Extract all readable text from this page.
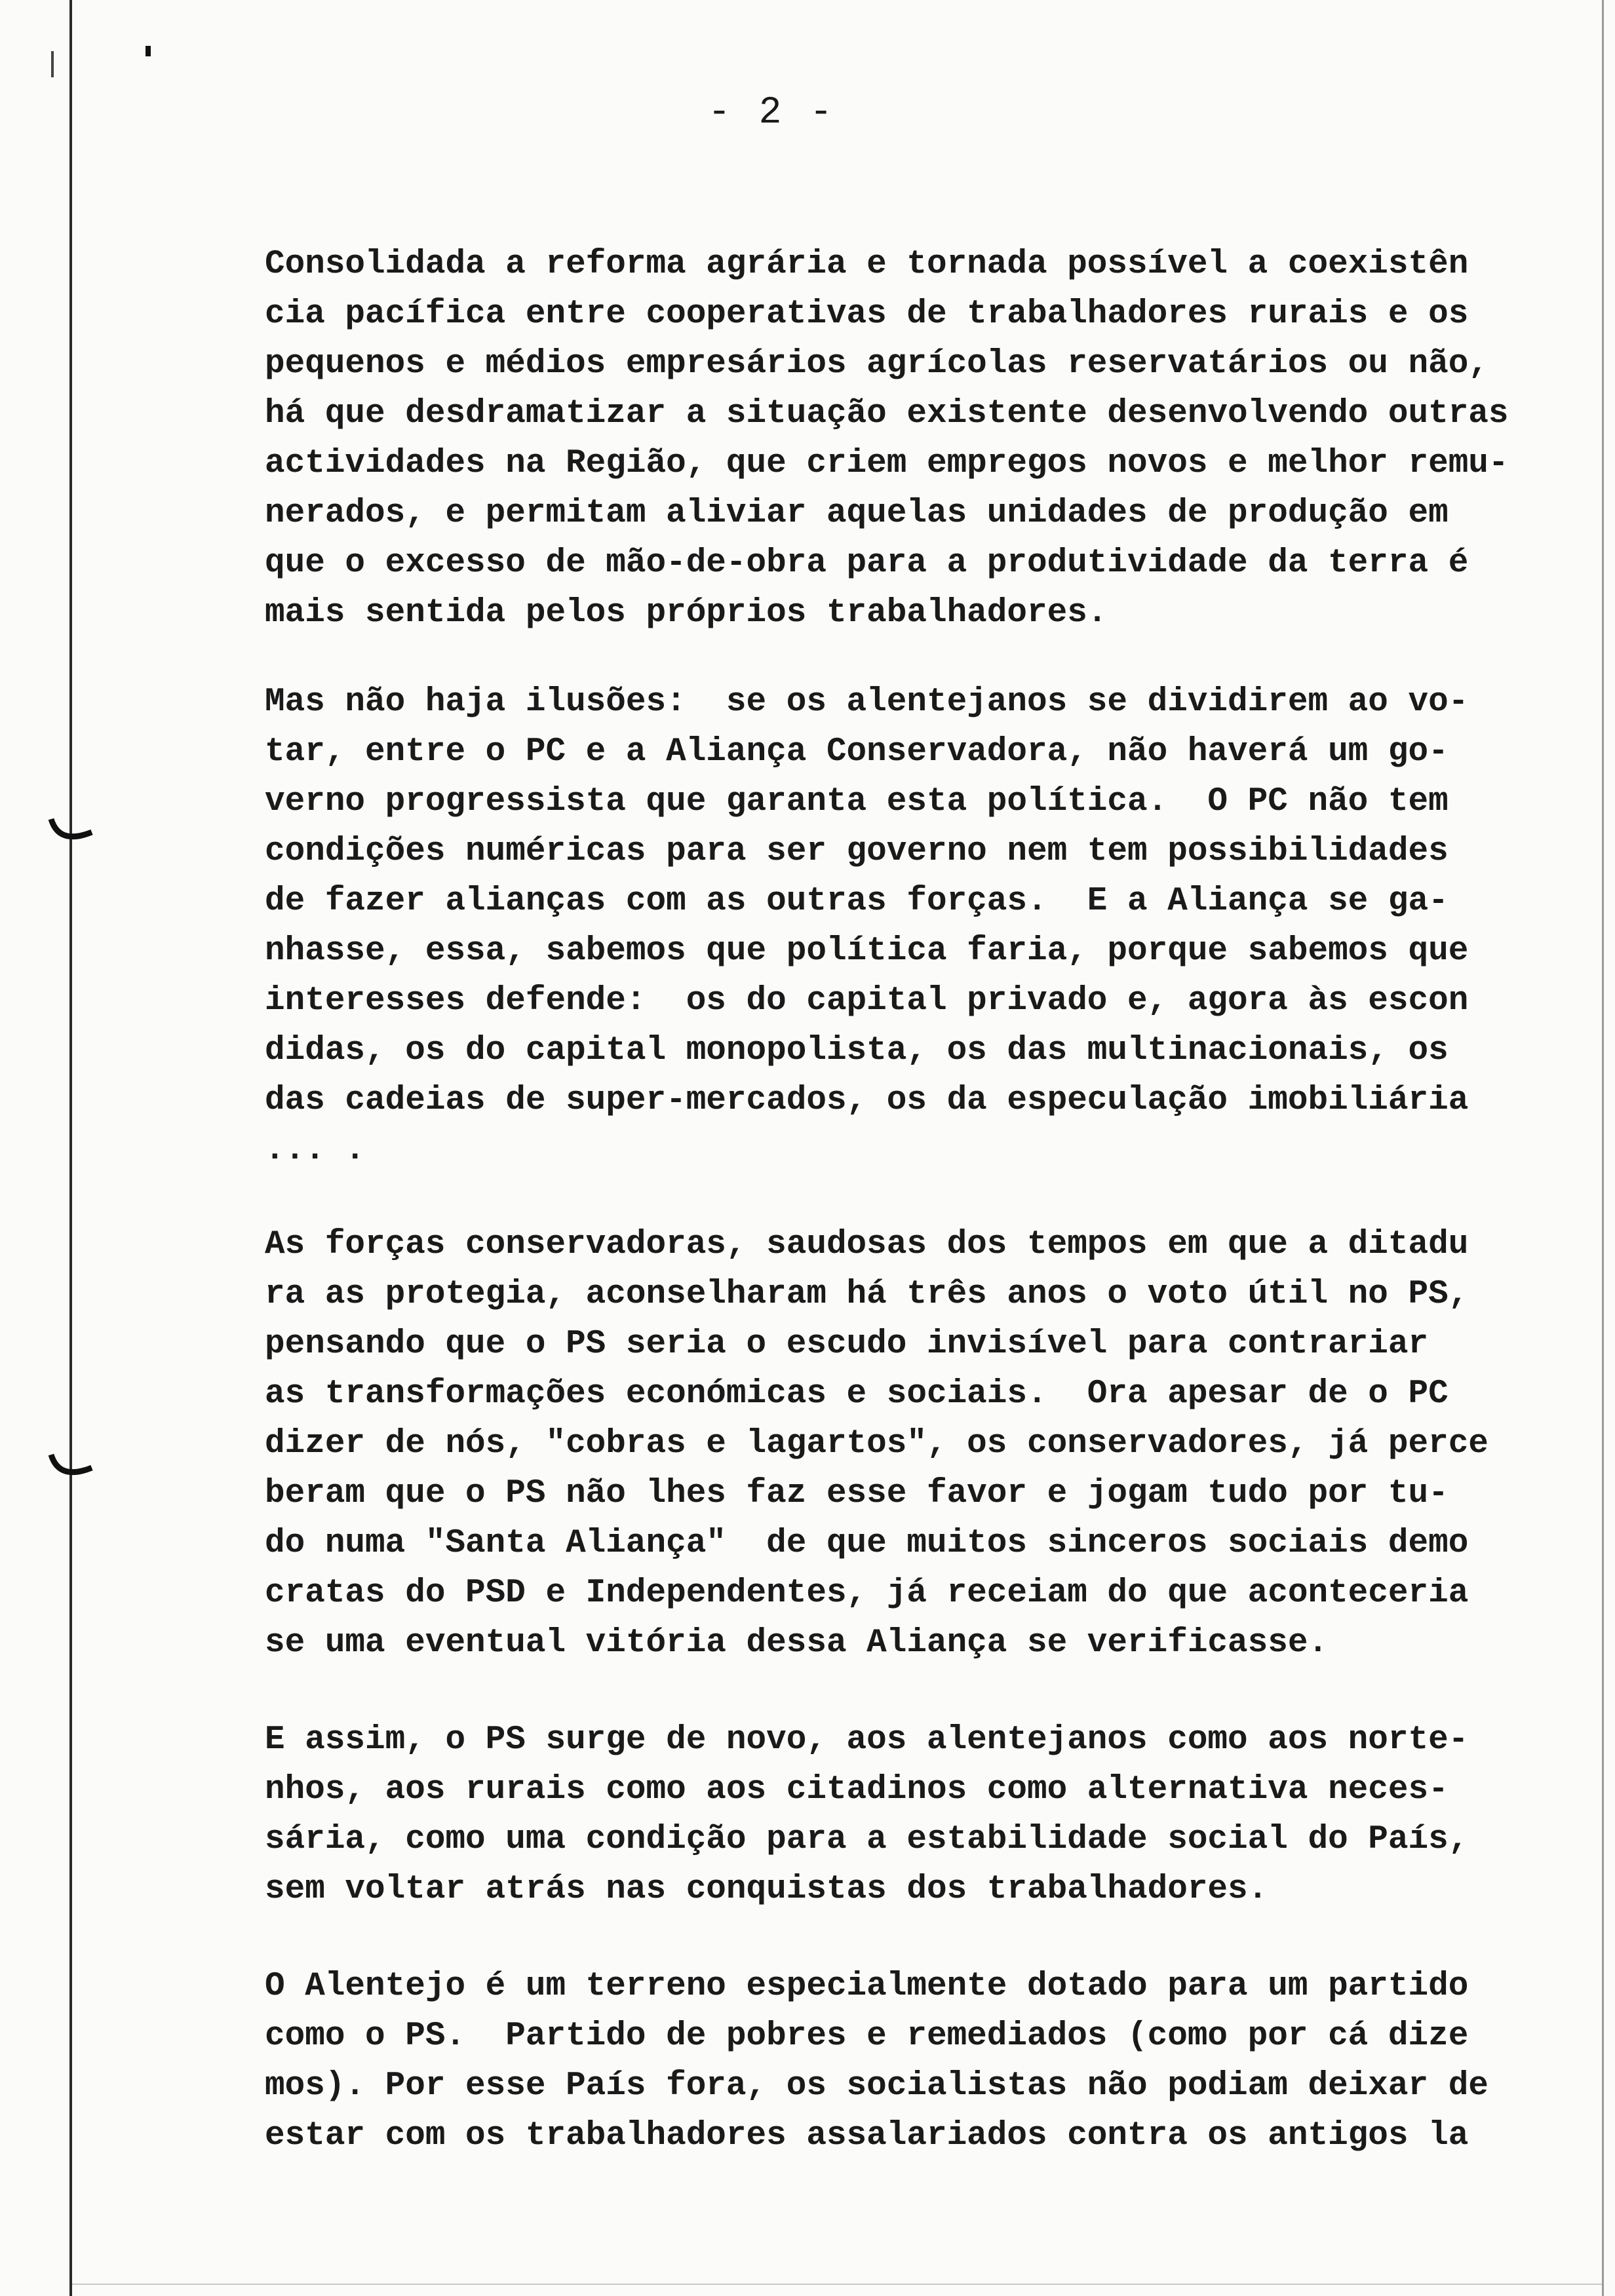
- 2 -
Consolidada a reforma agrária e tornada possível a coexistên
cia pacífica entre cooperativas de trabalhadores rurais e os
pequenos e médios empresários agrícolas reservatários ou não,
há que desdramatizar a situação existente desenvolvendo outras
actividades na Região, que criem empregos novos e melhor remu-
nerados, e permitam aliviar aquelas unidades de produção em
que o excesso de mão-de-obra para a produtividade da terra é
mais sentida pelos próprios trabalhadores.
Mas não haja ilusões:  se os alentejanos se dividirem ao vo-
tar, entre o PC e a Aliança Conservadora, não haverá um go-
verno progressista que garanta esta política.  O PC não tem
condições numéricas para ser governo nem tem possibilidades
de fazer alianças com as outras forças.  E a Aliança se ga-
nhasse, essa, sabemos que política faria, porque sabemos que
interesses defende:  os do capital privado e, agora às escon
didas, os do capital monopolista, os das multinacionais, os
das cadeias de super-mercados, os da especulação imobiliária
... .
As forças conservadoras, saudosas dos tempos em que a ditadu
ra as protegia, aconselharam há três anos o voto útil no PS,
pensando que o PS seria o escudo invisível para contrariar
as transformações económicas e sociais.  Ora apesar de o PC
dizer de nós, "cobras e lagartos", os conservadores, já perce
beram que o PS não lhes faz esse favor e jogam tudo por tu-
do numa "Santa Aliança"  de que muitos sinceros sociais demo
cratas do PSD e Independentes, já receiam do que aconteceria
se uma eventual vitória dessa Aliança se verificasse.
E assim, o PS surge de novo, aos alentejanos como aos norte-
nhos, aos rurais como aos citadinos como alternativa neces-
sária, como uma condição para a estabilidade social do País,
sem voltar atrás nas conquistas dos trabalhadores.
O Alentejo é um terreno especialmente dotado para um partido
como o PS.  Partido de pobres e remediados (como por cá dize
mos). Por esse País fora, os socialistas não podiam deixar de
estar com os trabalhadores assalariados contra os antigos la
